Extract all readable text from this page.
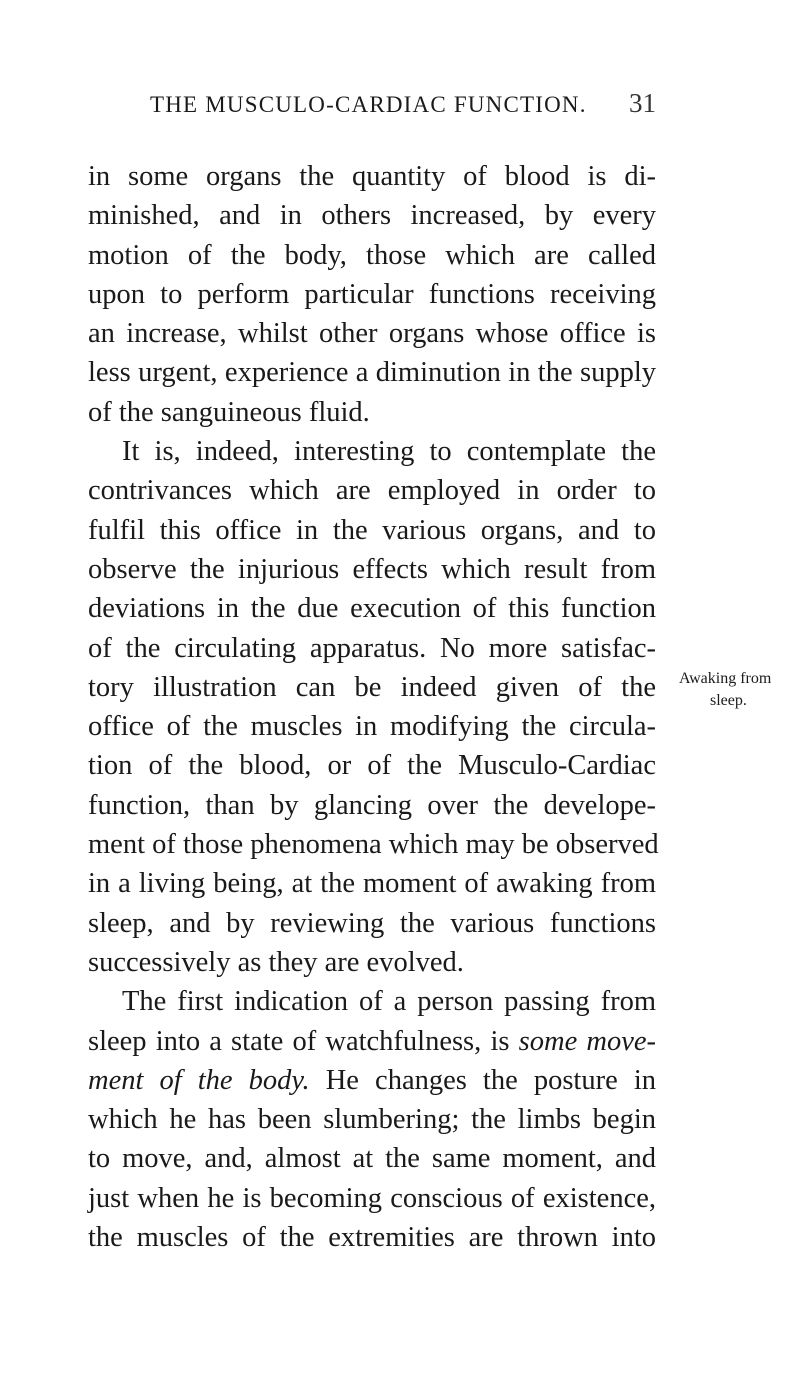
THE MUSCULO-CARDIAC FUNCTION. 31
in some organs the quantity of blood is di-
minished, and in others increased, by every
motion of the body, those which are called
upon to perform particular functions receiving
an increase, whilst other organs whose office is
less urgent, experience a diminution in the supply
of the sanguineous fluid.
It is, indeed, interesting to contemplate the
contrivances which are employed in order to
fulfil this office in the various organs, and to
observe the injurious effects which result from
deviations in the due execution of this function
of the circulating apparatus. No more satisfac-
tory illustration can be indeed given of the
office of the muscles in modifying the circula-
tion of the blood, or of the Musculo-Cardiac
function, than by glancing over the develope-
ment of those phenomena which may be observed
in a living being, at the moment of awaking from
sleep, and by reviewing the various functions
successively as they are evolved.
The first indication of a person passing from
sleep into a state of watchfulness, is some move-
ment of the body. He changes the posture in
which he has been slumbering; the limbs begin
to move, and, almost at the same moment, and
just when he is becoming conscious of existence,
the muscles of the extremities are thrown into
Awaking from
sleep.
